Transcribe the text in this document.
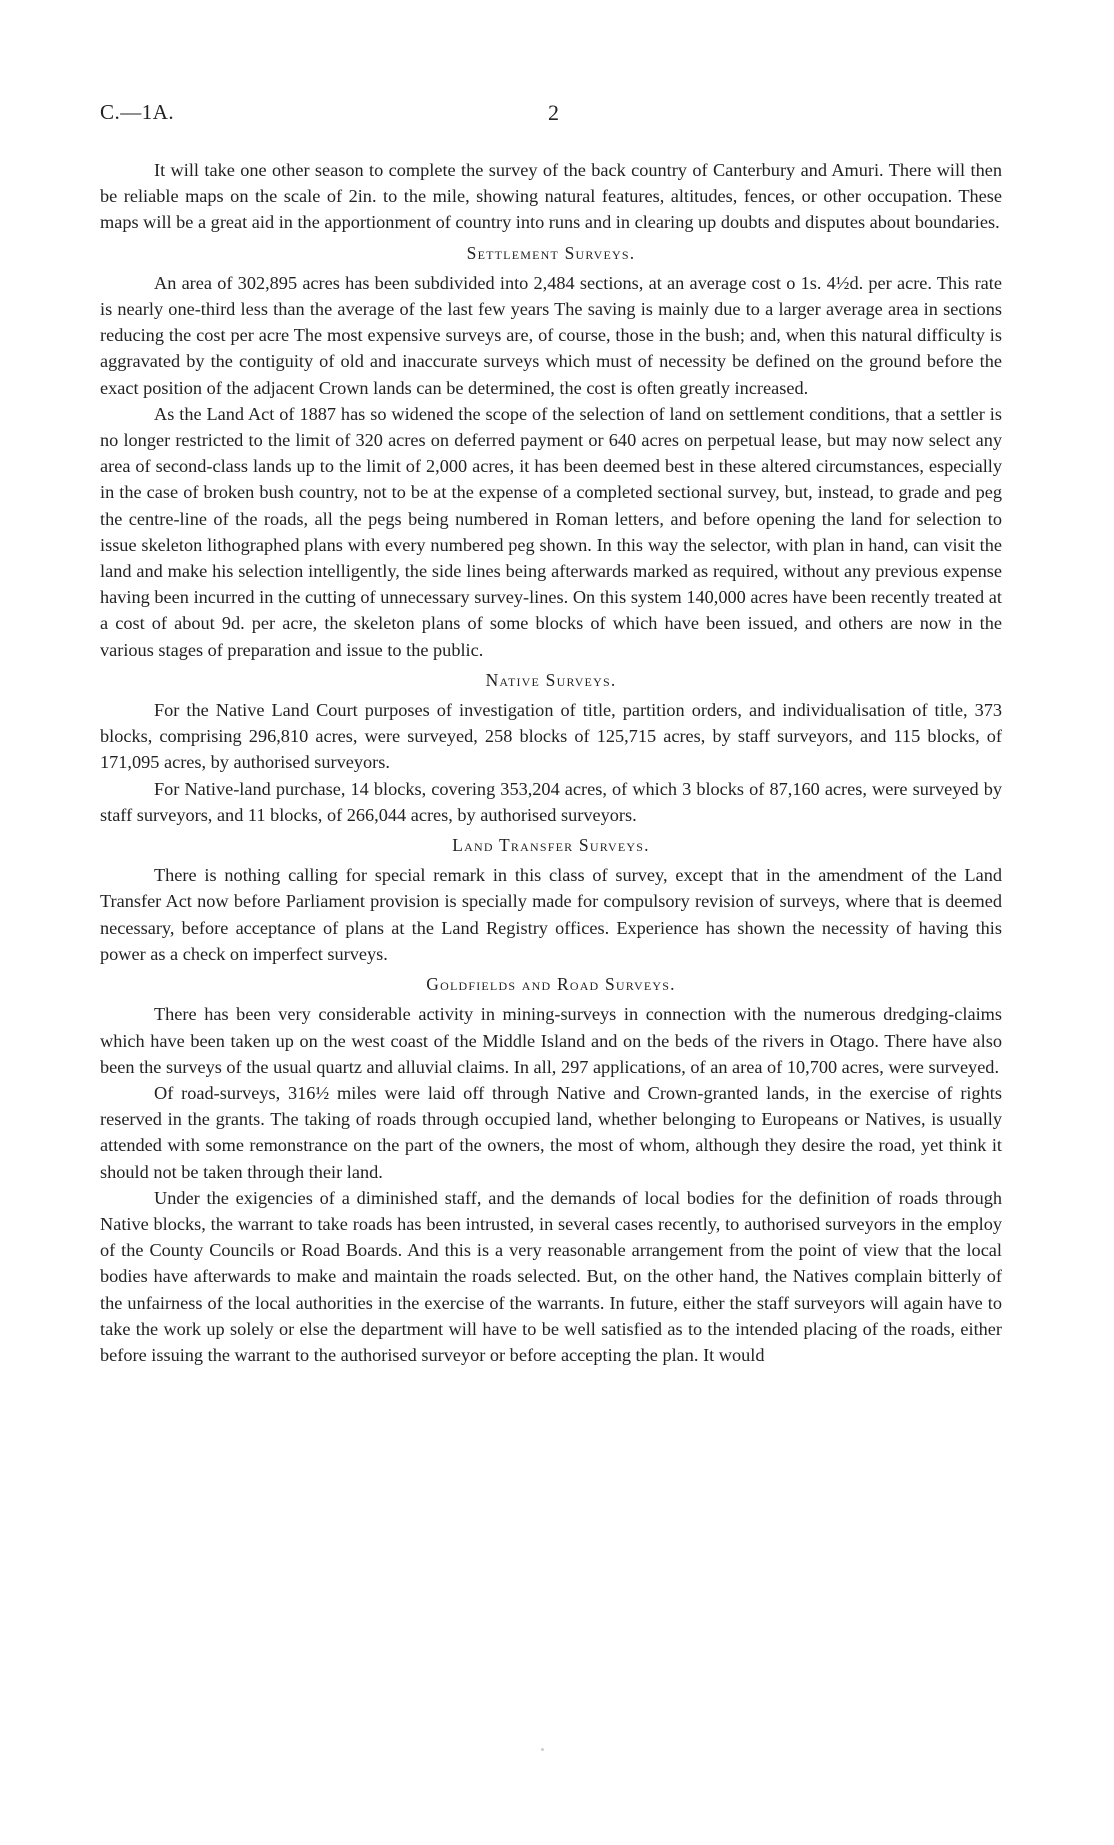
C.—1A.	2

It will take one other season to complete the survey of the back country of Canterbury and Amuri. There will then be reliable maps on the scale of 2in. to the mile, showing natural features, altitudes, fences, or other occupation. These maps will be a great aid in the apportionment of country into runs and in clearing up doubts and disputes about boundaries.

Settlement Surveys.

An area of 302,895 acres has been subdivided into 2,484 sections, at an average cost o 1s. 4½d. per acre. This rate is nearly one-third less than the average of the last few years The saving is mainly due to a larger average area in sections reducing the cost per acre The most expensive surveys are, of course, those in the bush; and, when this natural difficulty is aggravated by the contiguity of old and inaccurate surveys which must of necessity be defined on the ground before the exact position of the adjacent Crown lands can be determined, the cost is often greatly increased.

As the Land Act of 1887 has so widened the scope of the selection of land on settlement conditions, that a settler is no longer restricted to the limit of 320 acres on deferred payment or 640 acres on perpetual lease, but may now select any area of second-class lands up to the limit of 2,000 acres, it has been deemed best in these altered circumstances, especially in the case of broken bush country, not to be at the expense of a completed sectional survey, but, instead, to grade and peg the centre-line of the roads, all the pegs being numbered in Roman letters, and before opening the land for selection to issue skeleton lithographed plans with every numbered peg shown. In this way the selector, with plan in hand, can visit the land and make his selection intelligently, the side lines being afterwards marked as required, without any previous expense having been incurred in the cutting of unnecessary survey-lines. On this system 140,000 acres have been recently treated at a cost of about 9d. per acre, the skeleton plans of some blocks of which have been issued, and others are now in the various stages of preparation and issue to the public.

Native Surveys.

For the Native Land Court purposes of investigation of title, partition orders, and individualisation of title, 373 blocks, comprising 296,810 acres, were surveyed, 258 blocks of 125,715 acres, by staff surveyors, and 115 blocks, of 171,095 acres, by authorised surveyors.

For Native-land purchase, 14 blocks, covering 353,204 acres, of which 3 blocks of 87,160 acres, were surveyed by staff surveyors, and 11 blocks, of 266,044 acres, by authorised surveyors.

Land Transfer Surveys.

There is nothing calling for special remark in this class of survey, except that in the amendment of the Land Transfer Act now before Parliament provision is specially made for compulsory revision of surveys, where that is deemed necessary, before acceptance of plans at the Land Registry offices. Experience has shown the necessity of having this power as a check on imperfect surveys.

Goldfields and Road Surveys.

There has been very considerable activity in mining-surveys in connection with the numerous dredging-claims which have been taken up on the west coast of the Middle Island and on the beds of the rivers in Otago. There have also been the surveys of the usual quartz and alluvial claims. In all, 297 applications, of an area of 10,700 acres, were surveyed.

Of road-surveys, 316½ miles were laid off through Native and Crown-granted lands, in the exercise of rights reserved in the grants. The taking of roads through occupied land, whether belonging to Europeans or Natives, is usually attended with some remonstrance on the part of the owners, the most of whom, although they desire the road, yet think it should not be taken through their land.

Under the exigencies of a diminished staff, and the demands of local bodies for the definition of roads through Native blocks, the warrant to take roads has been intrusted, in several cases recently, to authorised surveyors in the employ of the County Councils or Road Boards. And this is a very reasonable arrangement from the point of view that the local bodies have afterwards to make and maintain the roads selected. But, on the other hand, the Natives complain bitterly of the unfairness of the local authorities in the exercise of the warrants. In future, either the staff surveyors will again have to take the work up solely or else the department will have to be well satisfied as to the intended placing of the roads, either before issuing the warrant to the authorised surveyor or before accepting the plan. It would
